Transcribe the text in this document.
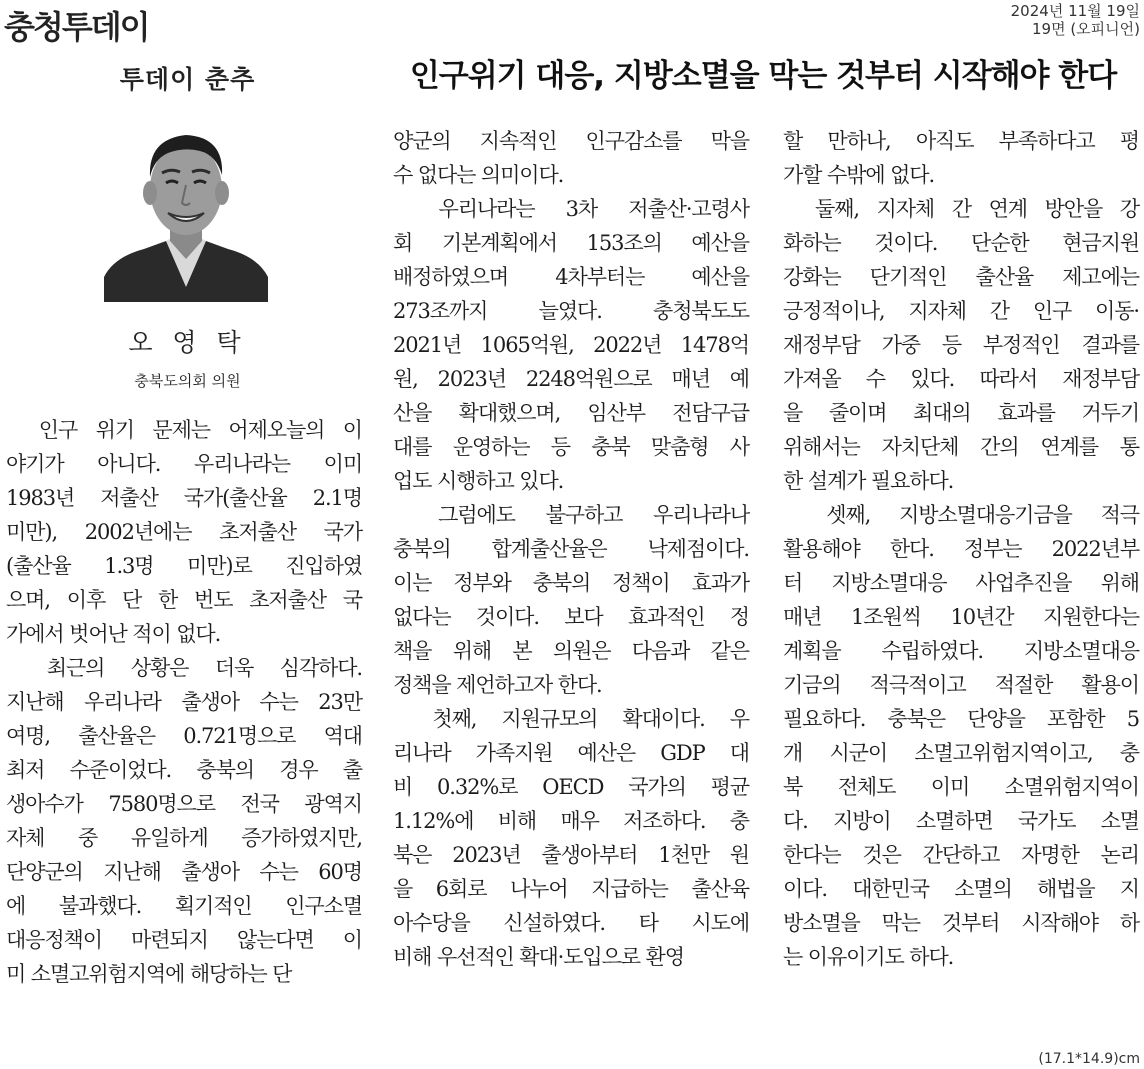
충청투데이	2024년 11월 19일
19면 (오피니언)
인구위기 대응, 지방소멸을 막는 것부터 시작해야 한다
투데이 춘추
오 영 탁
충북도의회 의원
　인구 위기 문제는 어제오늘의 이
야기가 아니다. 우리나라는 이미
1983년 저출산 국가(출산율 2.1명
미만), 2002년에는 초저출산 국가
(출산율 1.3명 미만)로 진입하였
으며, 이후 단 한 번도 초저출산 국
가에서 벗어난 적이 없다.
　최근의 상황은 더욱 심각하다.
지난해 우리나라 출생아 수는 23만
여명, 출산율은 0.721명으로 역대
최저 수준이었다. 충북의 경우 출
생아수가 7580명으로 전국 광역지
자체 중 유일하게 증가하였지만,
단양군의 지난해 출생아 수는 60명
에 불과했다. 획기적인 인구소멸
대응정책이 마련되지 않는다면 이
미 소멸고위험지역에 해당하는 단
양군의 지속적인 인구감소를 막을
수 없다는 의미이다.
　우리나라는 3차 저출산·고령사
회 기본계획에서 153조의 예산을
배정하였으며 4차부터는 예산을
273조까지 늘였다. 충청북도도
2021년 1065억원, 2022년 1478억
원, 2023년 2248억원으로 매년 예
산을 확대했으며, 임산부 전담구급
대를 운영하는 등 충북 맞춤형 사
업도 시행하고 있다.
　그럼에도 불구하고 우리나라나
충북의 합계출산율은 낙제점이다.
이는 정부와 충북의 정책이 효과가
없다는 것이다. 보다 효과적인 정
책을 위해 본 의원은 다음과 같은
정책을 제언하고자 한다.
　첫째, 지원규모의 확대이다. 우
리나라 가족지원 예산은 GDP 대
비 0.32%로 OECD 국가의 평균
1.12%에 비해 매우 저조하다. 충
북은 2023년 출생아부터 1천만 원
을 6회로 나누어 지급하는 출산육
아수당을 신설하였다. 타 시도에
비해 우선적인 확대·도입으로 환영
할 만하나, 아직도 부족하다고 평
가할 수밖에 없다.
　둘째, 지자체 간 연계 방안을 강
화하는 것이다. 단순한 현금지원
강화는 단기적인 출산율 제고에는
긍정적이나, 지자체 간 인구 이동·
재정부담 가중 등 부정적인 결과를
가져올 수 있다. 따라서 재정부담
을 줄이며 최대의 효과를 거두기
위해서는 자치단체 간의 연계를 통
한 설계가 필요하다.
　셋째, 지방소멸대응기금을 적극
활용해야 한다. 정부는 2022년부
터 지방소멸대응 사업추진을 위해
매년 1조원씩 10년간 지원한다는
계획을 수립하였다. 지방소멸대응
기금의 적극적이고 적절한 활용이
필요하다. 충북은 단양을 포함한 5
개 시군이 소멸고위험지역이고, 충
북 전체도 이미 소멸위험지역이
다. 지방이 소멸하면 국가도 소멸
한다는 것은 간단하고 자명한 논리
이다. 대한민국 소멸의 해법을 지
방소멸을 막는 것부터 시작해야 하
는 이유이기도 하다.
(17.1*14.9)cm
